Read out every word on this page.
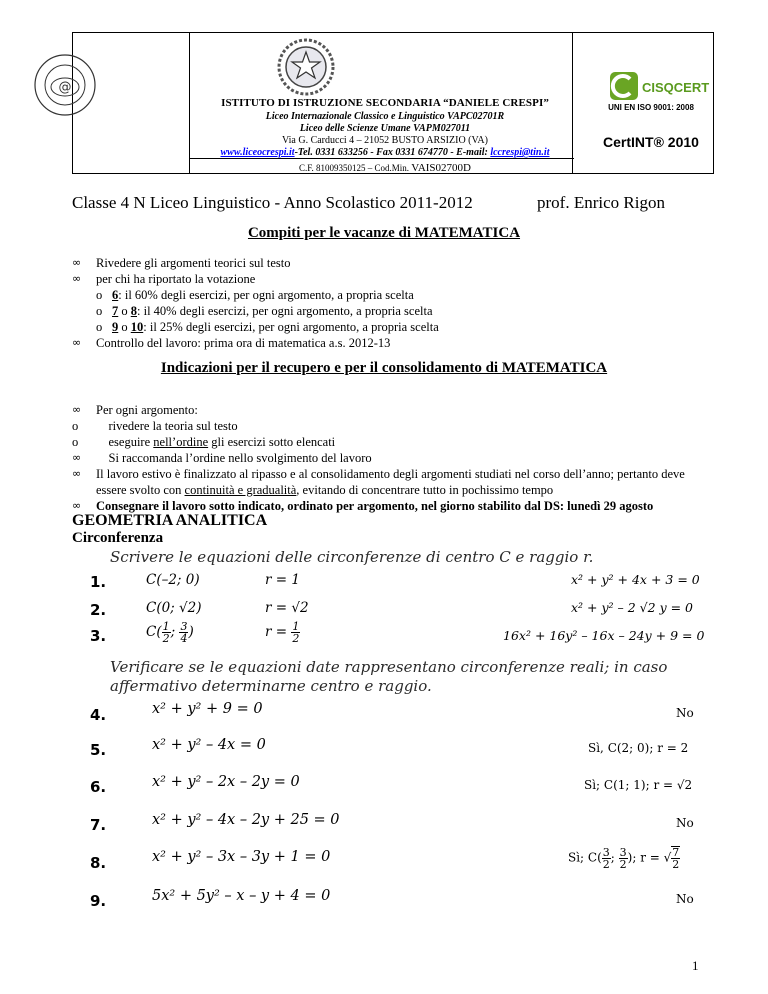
@
ISTITUTO DI ISTRUZIONE SECONDARIA “DANIELE CRESPI”
Liceo Internazionale Classico e Linguistico VAPC02701R
Liceo delle Scienze Umane VAPM027011
Via G. Carducci 4 – 21052 BUSTO ARSIZIO (VA)
www.liceocrespi.it-Tel. 0331 633256 - Fax 0331 674770 - E-mail: lccrespi@tin.it
C.F. 81009350125 – Cod.Min. VAIS02700D
CISQCERT
UNI EN ISO 9001: 2008
CertINT® 2010
Classe 4 N Liceo Linguistico - Anno Scolastico 2011-2012	prof. Enrico Rigon
Compiti per le vacanze di MATEMATICA
∞ Rivedere gli argomenti teorici sul testo
∞ per chi ha riportato la votazione
o 6: il 60% degli esercizi, per ogni argomento, a propria scelta
o 7 o 8: il 40% degli esercizi, per ogni argomento, a propria scelta
o 9 o 10: il 25% degli esercizi, per ogni argomento, a propria scelta
∞ Controllo del lavoro: prima ora di matematica a.s. 2012-13
Indicazioni per il recupero e per il consolidamento di MATEMATICA
∞ Per ogni argomento:
o rivedere la teoria sul testo
o eseguire nell’ordine gli esercizi sotto elencati
∞ Si raccomanda l’ordine nello svolgimento del lavoro
∞ Il lavoro estivo è finalizzato al ripasso e al consolidamento degli argomenti studiati nel corso dell’anno; pertanto deve essere svolto con continuità e gradualità, evitando di concentrare tutto in pochissimo tempo
∞ Consegnare il lavoro sotto indicato, ordinato per argomento, nel giorno stabilito dal DS: lunedì 29 agosto
GEOMETRIA ANALITICA
Circonferenza
Scrivere le equazioni delle circonferenze di centro C e raggio r.
1.	C(–2; 0)	r = 1	x² + y² + 4x + 3 = 0
2.	C(0; √2)	r = √2	x² + y² – 2 √2 y = 0
3.	$C( \frac{1}{2}$ ; $\frac{3}{4}$ )	$r = \frac{1}{2}$	16x² + 16y² – 16x – 24y + 9 = 0
Verificare se le equazioni date rappresentano circonferenze reali; in caso affermativo determinarne centro e raggio.
4.	x² + y² + 9 = 0	No
5.	x² + y² – 4x = 0	Sì, C(2; 0); r = 2
6.	x² + y² – 2x – 2y = 0	Sì; C(1; 1); r = √2
7.	x² + y² – 4x – 2y + 25 = 0	No
8.	x² + y² – 3x – 3y + 1 = 0	Sì; $C( \frac{3}{2}$ ; $\frac{3}{2}$ ); r = √ $\frac{7}{2}$
9.	5x² + 5y² – x – y + 4 = 0	No
1
